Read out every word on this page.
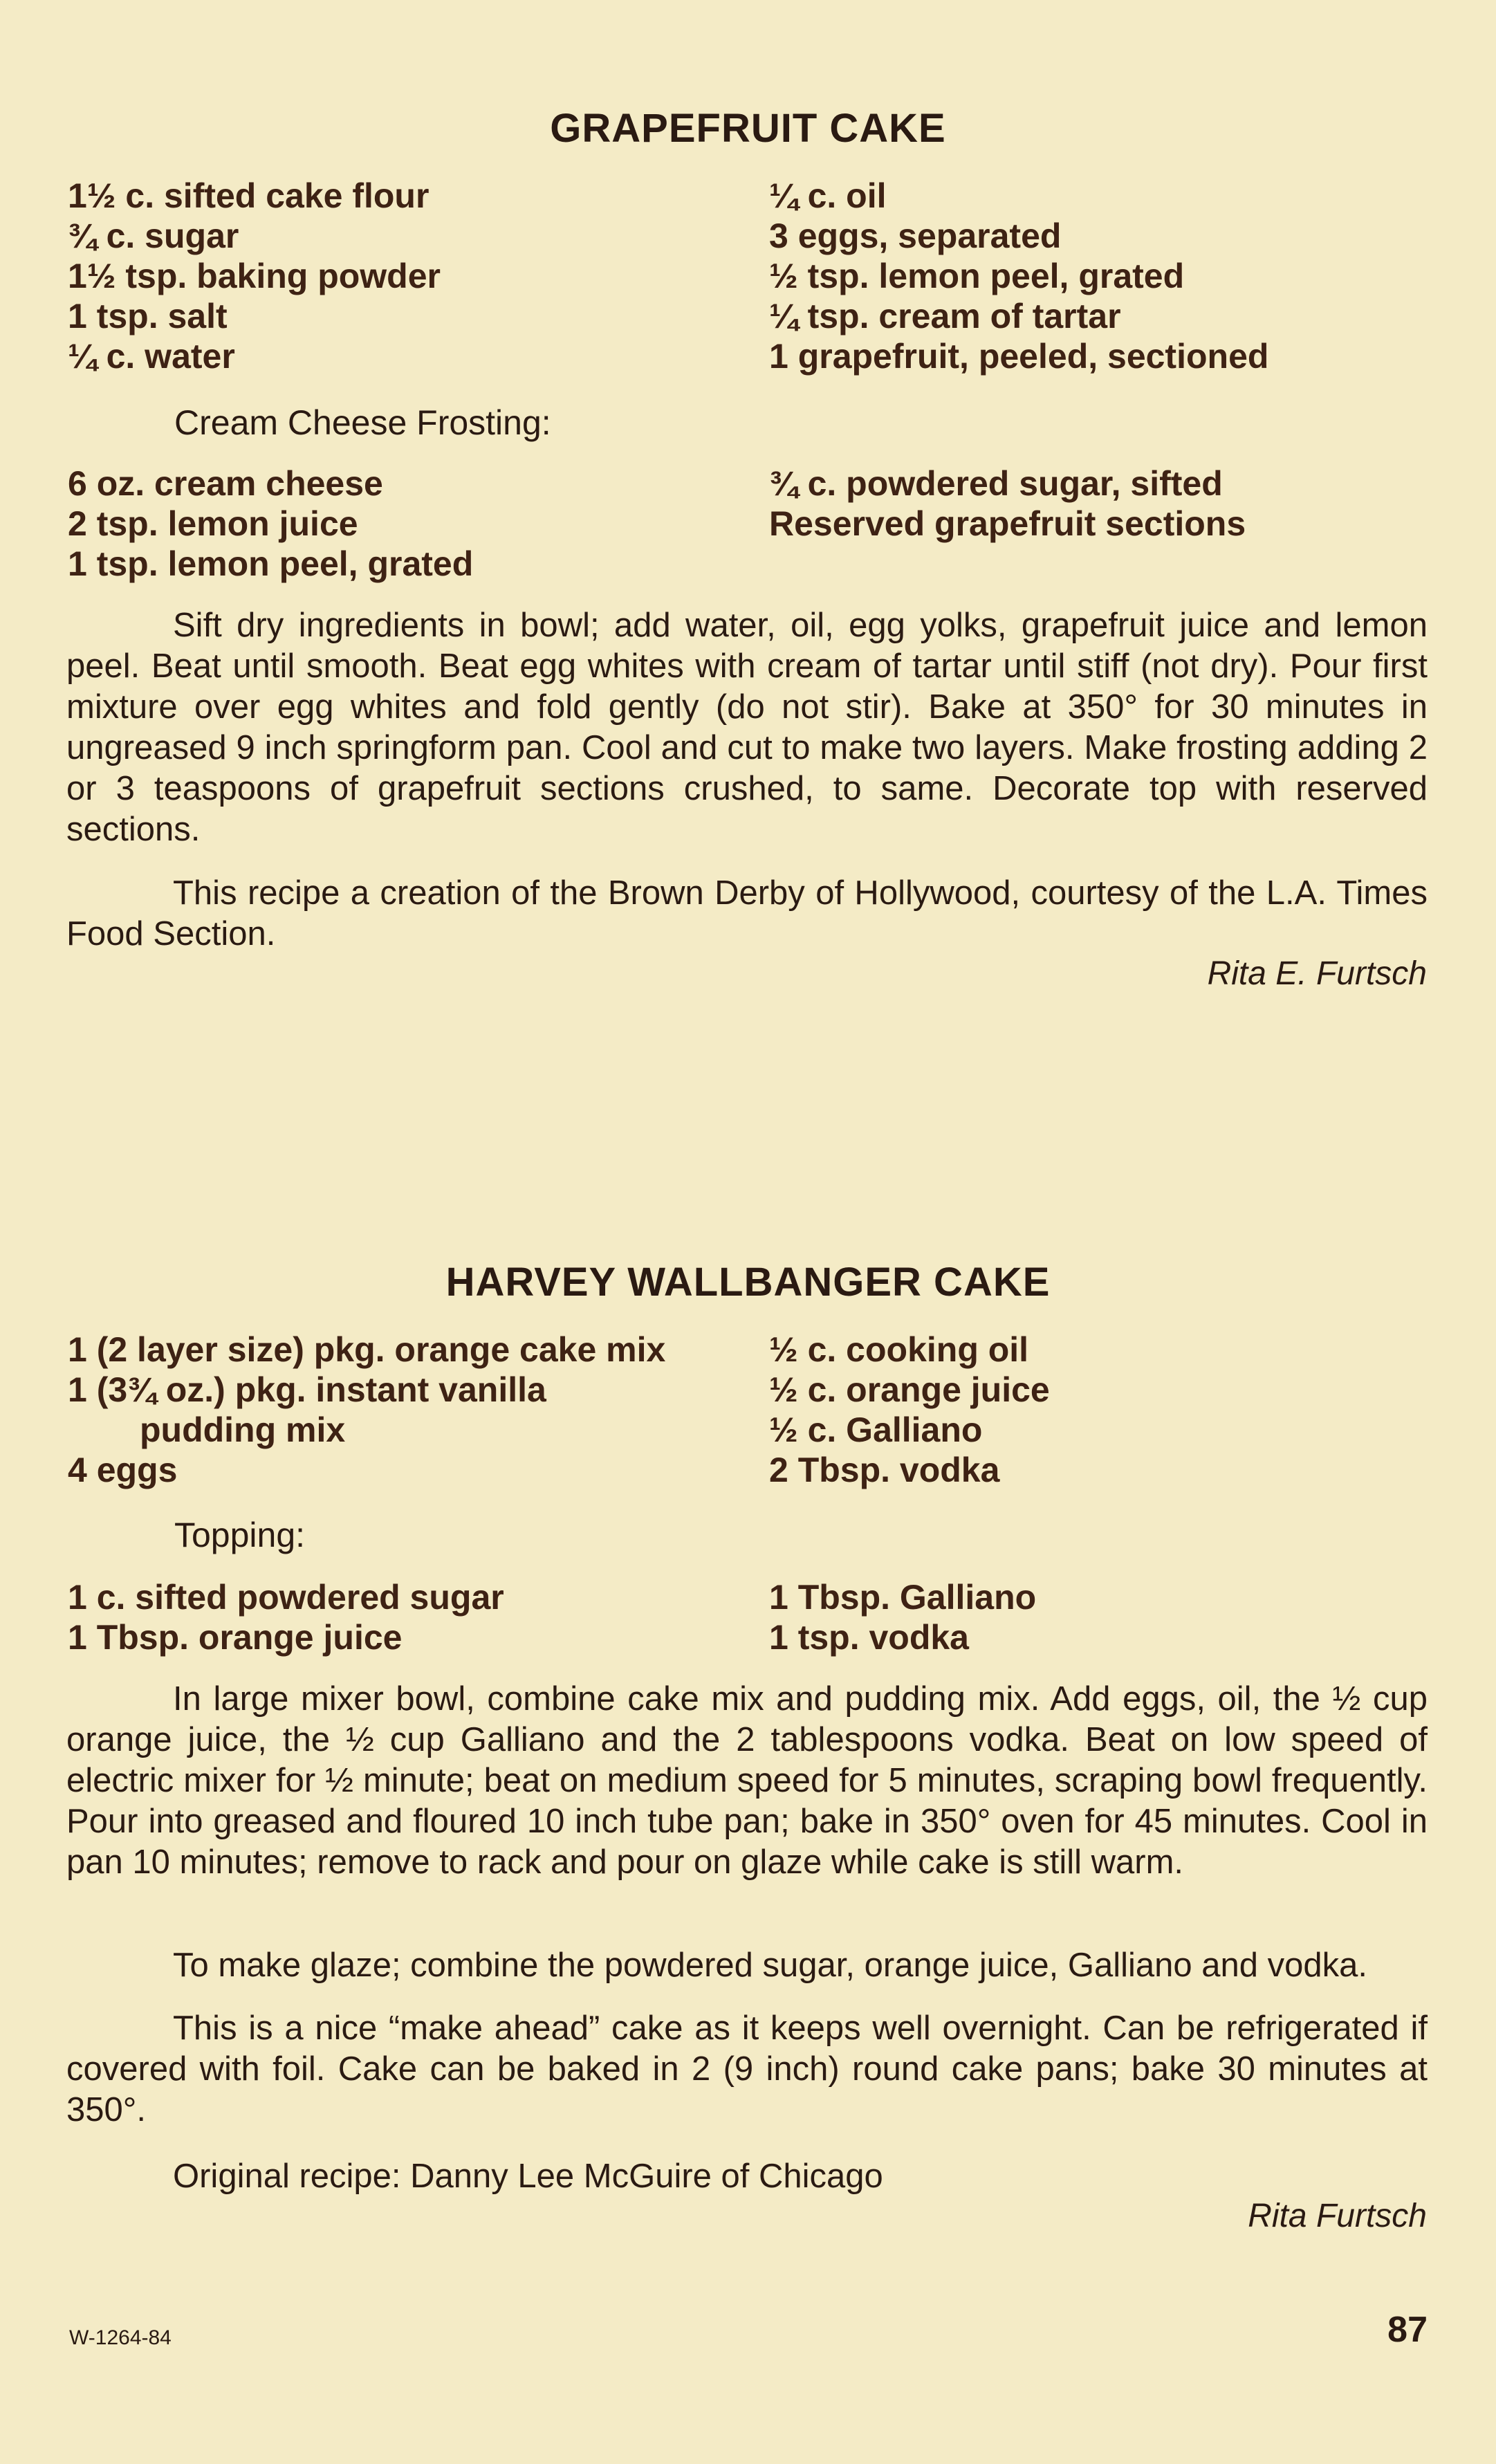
GRAPEFRUIT CAKE
1½ c. sifted cake flour
¾ c. sugar
1½ tsp. baking powder
1 tsp. salt
¼ c. water
¼ c. oil
3 eggs, separated
½ tsp. lemon peel, grated
¼ tsp. cream of tartar
1 grapefruit, peeled, sectioned
Cream Cheese Frosting:
6 oz. cream cheese
2 tsp. lemon juice
1 tsp. lemon peel, grated
¾ c. powdered sugar, sifted
Reserved grapefruit sections
Sift dry ingredients in bowl; add water, oil, egg yolks, grapefruit juice and lemon peel. Beat until smooth. Beat egg whites with cream of tartar until stiff (not dry). Pour first mixture over egg whites and fold gently (do not stir). Bake at 350° for 30 minutes in ungreased 9 inch springform pan. Cool and cut to make two layers. Make frosting adding 2 or 3 teaspoons of grapefruit sections crushed, to same. Decorate top with reserved sections.
This recipe a creation of the Brown Derby of Hollywood, courtesy of the L.A. Times Food Section.
Rita E. Furtsch
HARVEY WALLBANGER CAKE
1 (2 layer size) pkg. orange cake mix
1 (3¾ oz.) pkg. instant vanilla
pudding mix
4 eggs
½ c. cooking oil
½ c. orange juice
½ c. Galliano
2 Tbsp. vodka
Topping:
1 c. sifted powdered sugar
1 Tbsp. orange juice
1 Tbsp. Galliano
1 tsp. vodka
In large mixer bowl, combine cake mix and pudding mix. Add eggs, oil, the ½ cup orange juice, the ½ cup Galliano and the 2 tablespoons vodka. Beat on low speed of electric mixer for ½ minute; beat on medium speed for 5 minutes, scraping bowl frequently. Pour into greased and floured 10 inch tube pan; bake in 350° oven for 45 minutes. Cool in pan 10 minutes; remove to rack and pour on glaze while cake is still warm.
To make glaze; combine the powdered sugar, orange juice, Galliano and vodka.
This is a nice “make ahead” cake as it keeps well overnight. Can be refrigerated if covered with foil. Cake can be baked in 2 (9 inch) round cake pans; bake 30 minutes at 350°.
Original recipe: Danny Lee McGuire of Chicago
Rita Furtsch
W-1264-84	87
